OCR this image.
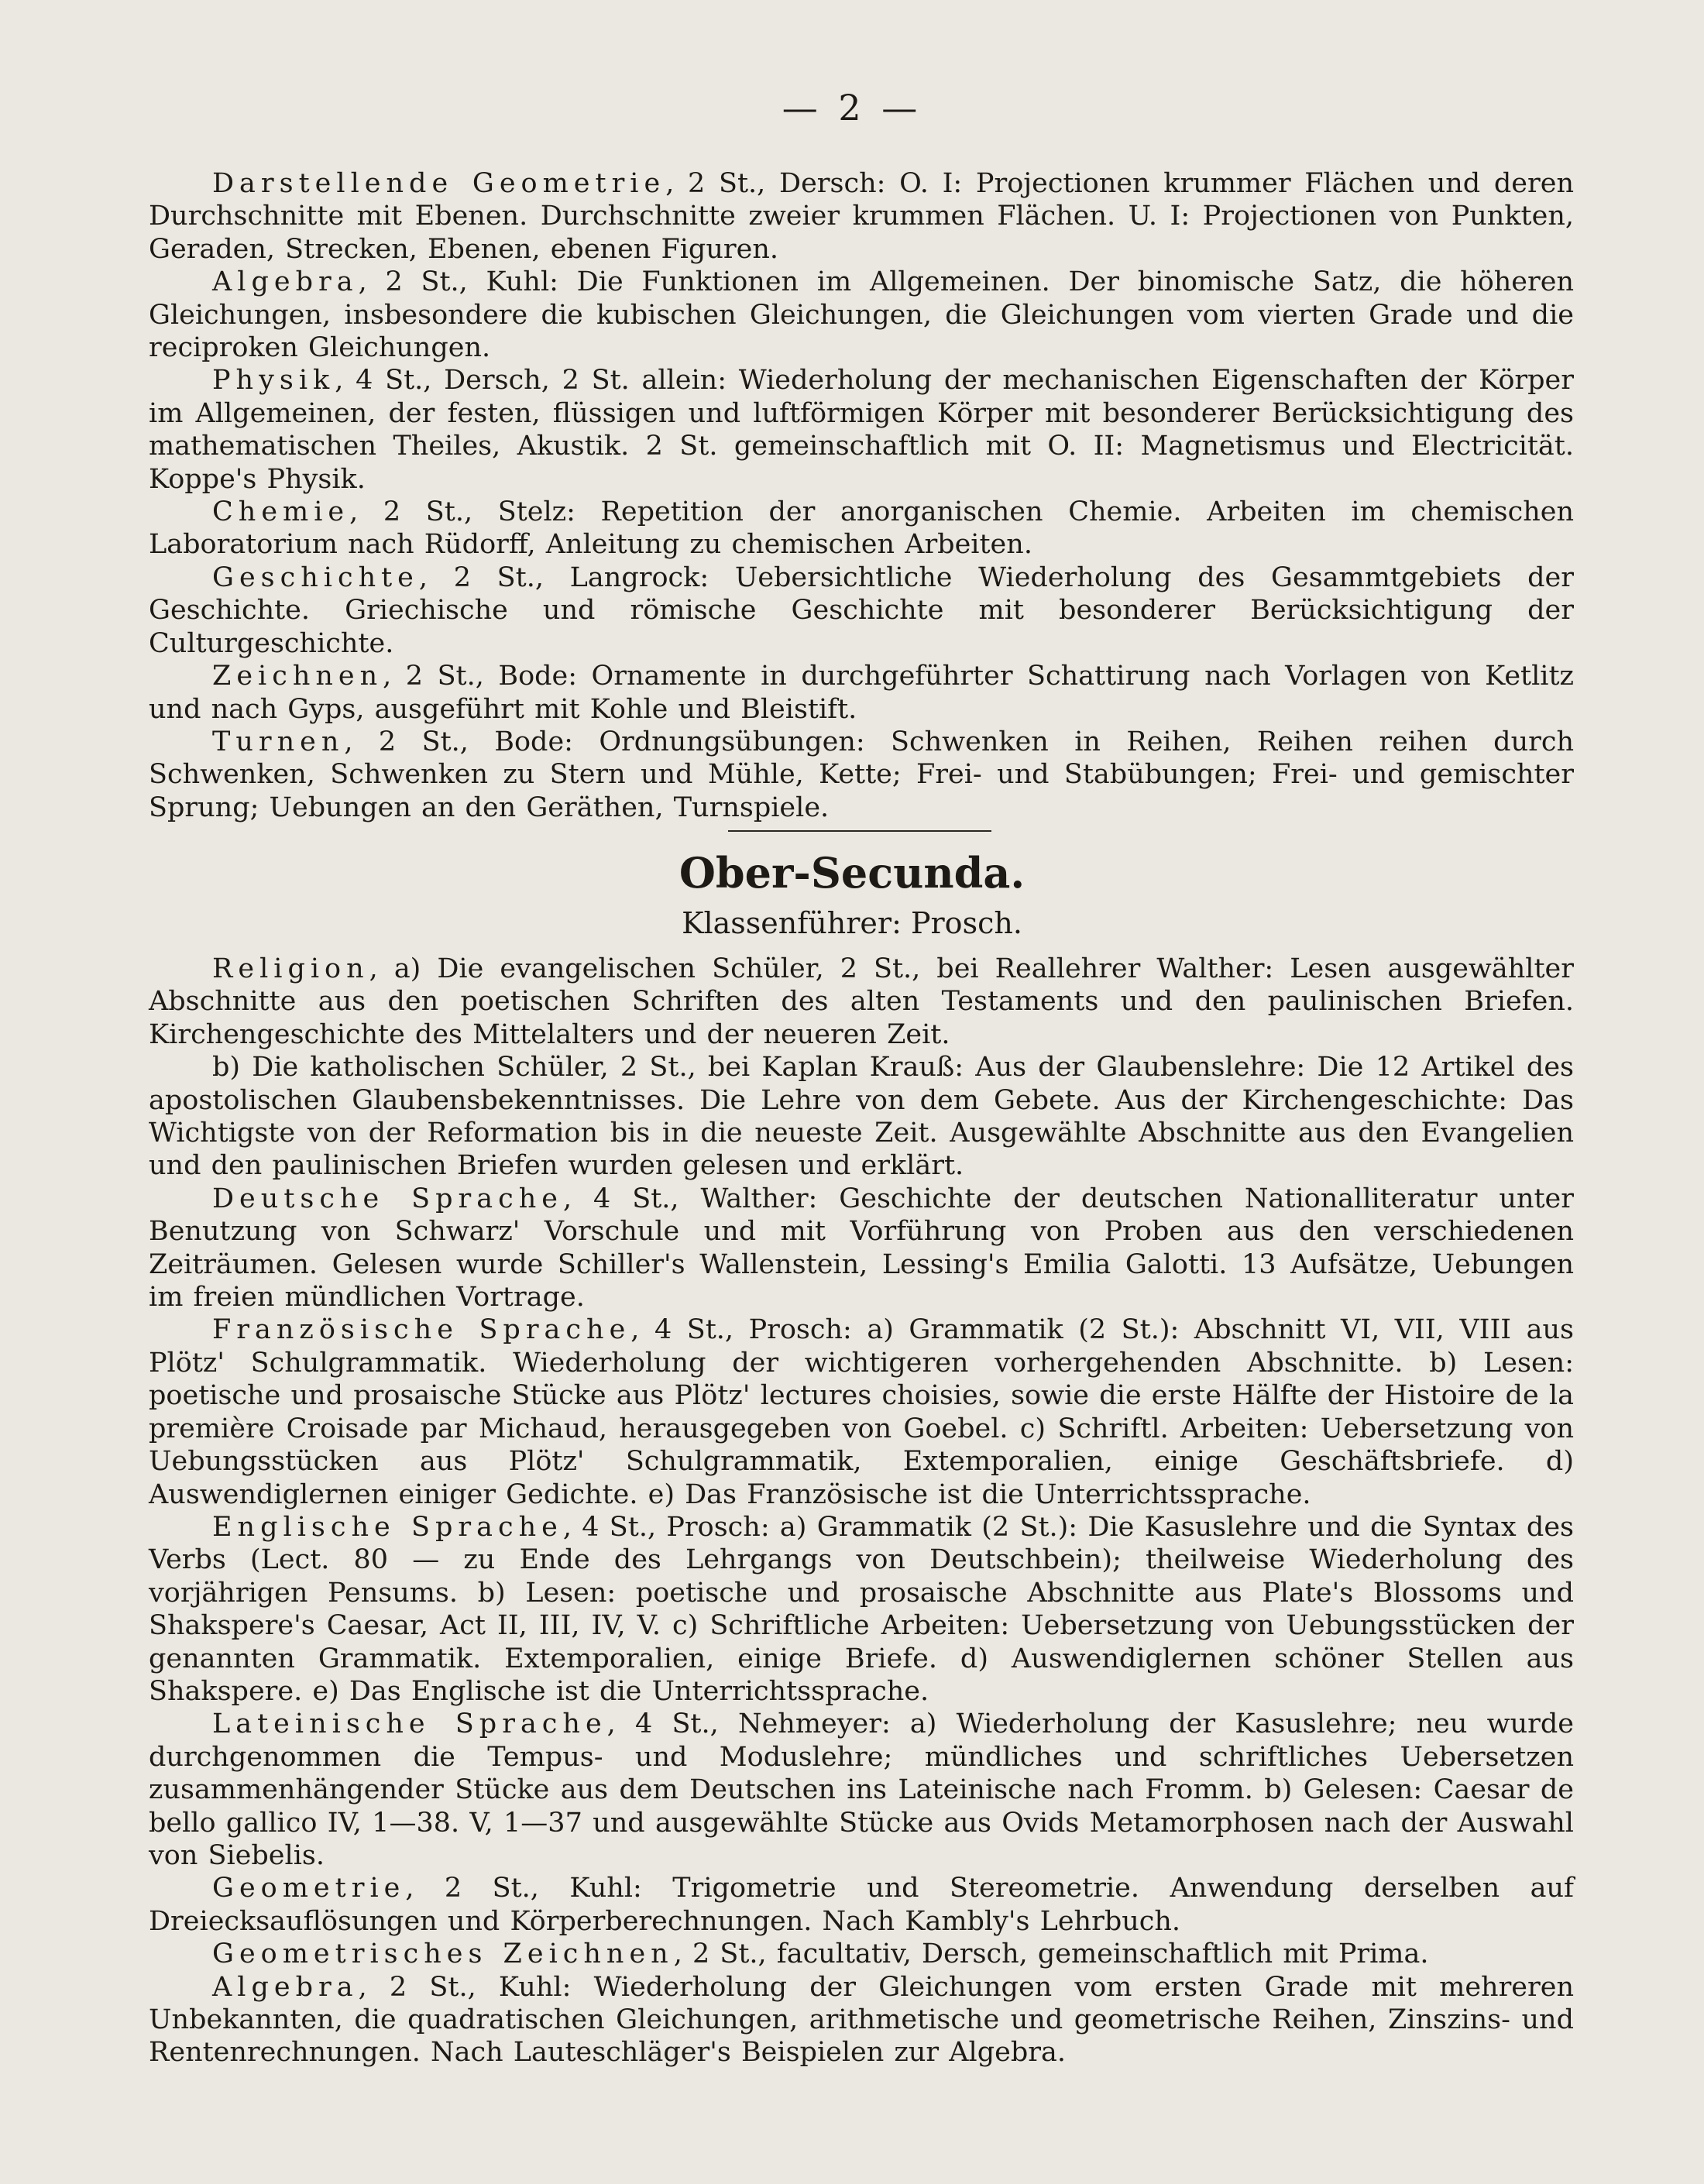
— 2 —

Darstellende Geometrie, 2 St., Dersch: O. I: Projectionen krummer Flächen und deren Durchschnitte mit Ebenen. Durchschnitte zweier krummen Flächen. U. I: Projectionen von Punkten, Geraden, Strecken, Ebenen, ebenen Figuren.

Algebra, 2 St., Kuhl: Die Funktionen im Allgemeinen. Der binomische Satz, die höheren Gleichungen, insbesondere die kubischen Gleichungen, die Gleichungen vom vierten Grade und die reciproken Gleichungen.

Physik, 4 St., Dersch, 2 St. allein: Wiederholung der mechanischen Eigenschaften der Körper im Allgemeinen, der festen, flüssigen und luftförmigen Körper mit besonderer Berücksichtigung des mathematischen Theiles, Akustik. 2 St. gemeinschaftlich mit O. II: Magnetismus und Electricität. Koppe's Physik.

Chemie, 2 St., Stelz: Repetition der anorganischen Chemie. Arbeiten im chemischen Laboratorium nach Rüdorff, Anleitung zu chemischen Arbeiten.

Geschichte, 2 St., Langrock: Uebersichtliche Wiederholung des Gesammtgebiets der Geschichte. Griechische und römische Geschichte mit besonderer Berücksichtigung der Culturgeschichte.

Zeichnen, 2 St., Bode: Ornamente in durchgeführter Schattirung nach Vorlagen von Ketlitz und nach Gyps, ausgeführt mit Kohle und Bleistift.

Turnen, 2 St., Bode: Ordnungsübungen: Schwenken in Reihen, Reihen reihen durch Schwenken, Schwenken zu Stern und Mühle, Kette; Frei- und Stabübungen; Frei- und gemischter Sprung; Uebungen an den Geräthen, Turnspiele.

Ober-Secunda.
Klassenführer: Prosch.

Religion, a) Die evangelischen Schüler, 2 St., bei Reallehrer Walther: Lesen ausgewählter Abschnitte aus den poetischen Schriften des alten Testaments und den paulinischen Briefen. Kirchengeschichte des Mittelalters und der neueren Zeit.

b) Die katholischen Schüler, 2 St., bei Kaplan Krauß: Aus der Glaubenslehre: Die 12 Artikel des apostolischen Glaubensbekenntnisses. Die Lehre von dem Gebete. Aus der Kirchengeschichte: Das Wichtigste von der Reformation bis in die neueste Zeit. Ausgewählte Abschnitte aus den Evangelien und den paulinischen Briefen wurden gelesen und erklärt.

Deutsche Sprache, 4 St., Walther: Geschichte der deutschen Nationalliteratur unter Benutzung von Schwarz' Vorschule und mit Vorführung von Proben aus den verschiedenen Zeiträumen. Gelesen wurde Schiller's Wallenstein, Lessing's Emilia Galotti. 13 Aufsätze, Uebungen im freien mündlichen Vortrage.

Französische Sprache, 4 St., Prosch: a) Grammatik (2 St.): Abschnitt VI, VII, VIII aus Plötz' Schulgrammatik. Wiederholung der wichtigeren vorhergehenden Abschnitte. b) Lesen: poetische und prosaische Stücke aus Plötz' lectures choisies, sowie die erste Hälfte der Histoire de la première Croisade par Michaud, herausgegeben von Goebel. c) Schriftl. Arbeiten: Uebersetzung von Uebungsstücken aus Plötz' Schulgrammatik, Extemporalien, einige Geschäftsbriefe. d) Auswendiglernen einiger Gedichte. e) Das Französische ist die Unterrichtssprache.

Englische Sprache, 4 St., Prosch: a) Grammatik (2 St.): Die Kasuslehre und die Syntax des Verbs (Lect. 80 — zu Ende des Lehrgangs von Deutschbein); theilweise Wiederholung des vorjährigen Pensums. b) Lesen: poetische und prosaische Abschnitte aus Plate's Blossoms und Shakspere's Caesar, Act II, III, IV, V. c) Schriftliche Arbeiten: Uebersetzung von Uebungsstücken der genannten Grammatik. Extemporalien, einige Briefe. d) Auswendiglernen schöner Stellen aus Shakspere. e) Das Englische ist die Unterrichtssprache.

Lateinische Sprache, 4 St., Nehmeyer: a) Wiederholung der Kasuslehre; neu wurde durchgenommen die Tempus- und Moduslehre; mündliches und schriftliches Uebersetzen zusammenhängender Stücke aus dem Deutschen ins Lateinische nach Fromm. b) Gelesen: Caesar de bello gallico IV, 1—38. V, 1—37 und ausgewählte Stücke aus Ovids Metamorphosen nach der Auswahl von Siebelis.

Geometrie, 2 St., Kuhl: Trigometrie und Stereometrie. Anwendung derselben auf Dreiecksauflösungen und Körperberechnungen. Nach Kambly's Lehrbuch.

Geometrisches Zeichnen, 2 St., facultativ, Dersch, gemeinschaftlich mit Prima.

Algebra, 2 St., Kuhl: Wiederholung der Gleichungen vom ersten Grade mit mehreren Unbekannten, die quadratischen Gleichungen, arithmetische und geometrische Reihen, Zinszins- und Rentenrechnungen. Nach Lauteschläger's Beispielen zur Algebra.
